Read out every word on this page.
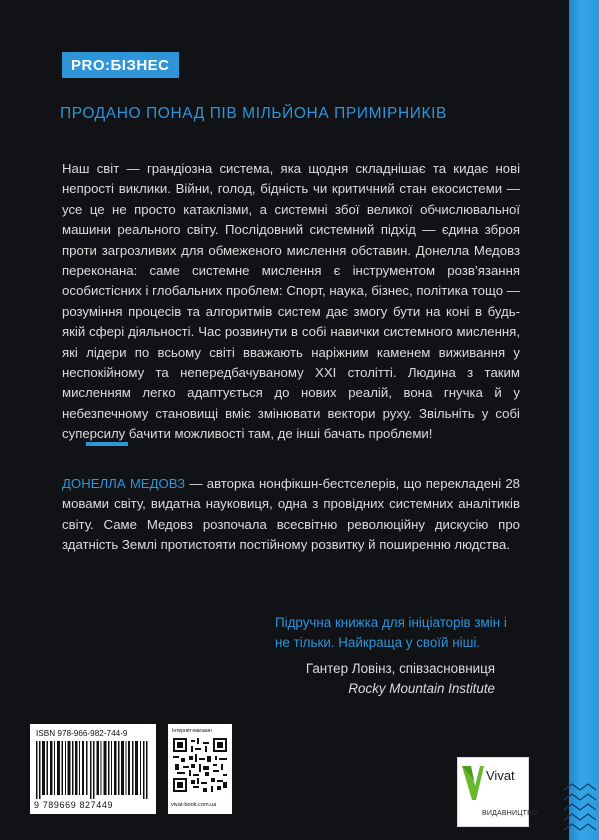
PRO:БІЗНЕС
ПРОДАНО ПОНАД ПІВ МІЛЬЙОНА ПРИМІРНИКІВ
Наш світ — грандіозна система, яка щодня складнішає та кидає нові непрості виклики. Війни, голод, бідність чи критичний стан екосистеми — усе це не просто катаклізми, а системні збої великої обчислювальної машини реального світу. Послідовний системний підхід — єдина зброя проти загрозливих для обмеженого мислення обставин. Донелла Медовз переконана: саме системне мислення є інструментом розв’язання особистісних і глобальних проблем: Спорт, наука, бізнес, політика тощо — розуміння процесів та алгоритмів систем дає змогу бути на коні в будь-якій сфері діяльності. Час розвинути в собі навички системного мислення, які лідери по всьому світі вважають наріжним каменем виживання у неспокійному та непередбачуваному XXI столітті. Людина з таким мисленням легко адаптується до нових реалій, вона гнучка й у небезпечному становищі вміє змінювати вектори руху. Звільніть у собі суперсилу бачити можливості там, де інші бачать проблеми!
ДОНЕЛЛА МЕДОВЗ — авторка нонфікшн-бестселерів, що перекладені 28 мовами світу, видатна науковиця, одна з провідних системних аналітиків світу. Саме Медовз розпочала всесвітню революційну дискусію про здатність Землі протистояти постійному розвитку й поширенню людства.
Підручна книжка для ініціаторів змін і не тільки. Найкраща у своїй ніші.
Гантер Ловінз, співзасновниця
Rocky Mountain Institute
ISBN 978-966-982-744-9
9 789669 827449
Інтернет-магазин
vivat-book.com.ua
Vivat
ВИДАВНИЦТВО
